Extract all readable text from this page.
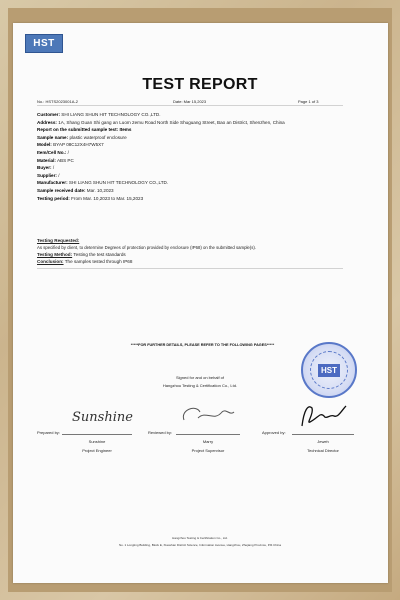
HST
TEST REPORT
No.: HSTS2023001A-2	Date: Mar 15,2023	Page 1 of 3
Customer: SHI LIANG SHUN HIT TECHNOLOGY CO.,LTD.
Address: 1A, Shang Guan Shi gang an Luom 2emu Road North Side Shuguang Street, Bao an District, Shenzhen, China
Report on the submitted sample test: Items
Sample name: plastic waterproof enclosure
Model: BYAP 08C12X4H7W5X7
Item/Cell No.: /
Material: ABS PC
Buyer: /
Supplier: /
Manufacturer: SHI LIANG SHUN HIT TECHNOLOGY CO.,LTD.
Sample received date: Mar. 10,2023
Testing period: From Mar. 10,2023 to Mar. 15,2023
Testing Requested:
As specified by client, to determine Degrees of protection provided by enclosure (IP68) on the submitted sample(s).
Testing Method: Testing the test standards
Conclusion: The samples tested through IP68
*****FOR FURTHER DETAILS, PLEASE REFER TO THE FOLLOWING PAGES*****
HST
Signed for and on behalf of
Hangzhou Testing & Certification Co., Ltd.
Prepared by:
Sunshine
Sunshine
Project Engineer
Reviewed by:
Marry
Project Supervisor
Approved by:
Jeweh
Technical Director
Hangzhou Testing & Certification Co., Ltd.
No. 1 Longting Building, Block E, Xiaoshan District Science, Information Avenue, Hangzhou, Zhejiang Province, P.R.China
